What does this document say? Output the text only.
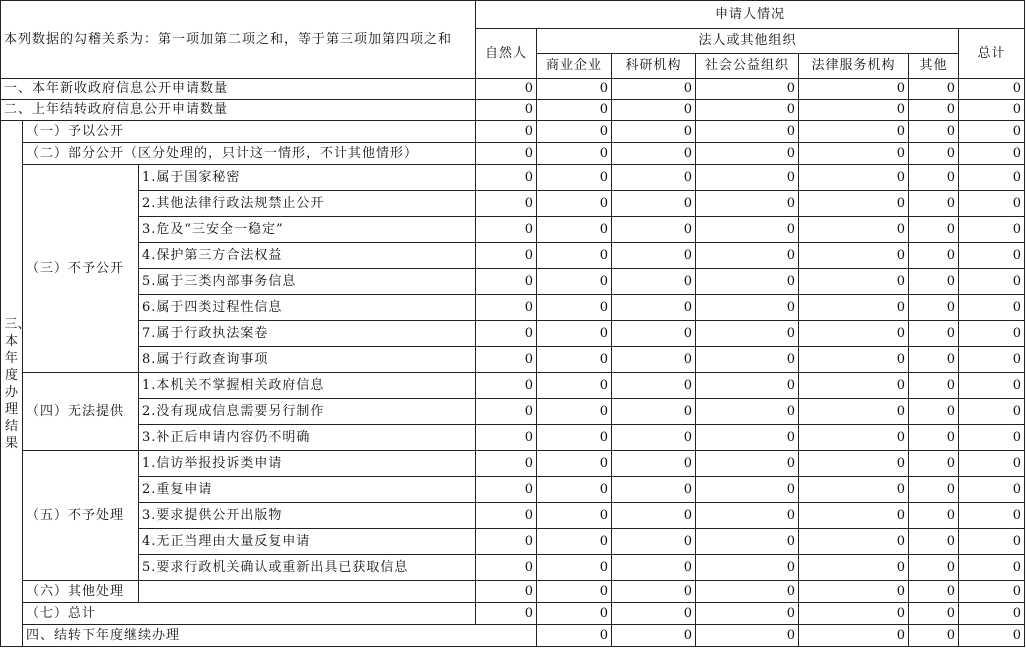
本列数据的勾稽关系为：第一项加第二项之和，等于第三项加第四项之和			申请人情况							
			自然人	法人或其他组织					总计	
				商业企业	科研机构	社会公益组织	法律服务机构	其他		
一、本年新收政府信息公开申请数量			0	0	0	0	0	0	0	
二、上年结转政府信息公开申请数量			0	0	0	0	0	0	0	
三、本年度办理结果	（一）予以公开		0	0	0	0	0	0	0	
	（二）部分公开（区分处理的，只计这一情形，不计其他情形）		0	0	0	0	0	0	0	
	（三）不予公开	1.属于国家秘密	0	0	0	0	0	0	0	
		2.其他法律行政法规禁止公开	0	0	0	0	0	0	0	
		3.危及“三安全一稳定”	0	0	0	0	0	0	0	
		4.保护第三方合法权益	0	0	0	0	0	0	0	
		5.属于三类内部事务信息	0	0	0	0	0	0	0	
		6.属于四类过程性信息	0	0	0	0	0	0	0	
		7.属于行政执法案卷	0	0	0	0	0	0	0	
		8.属于行政查询事项	0	0	0	0	0	0	0	
	（四）无法提供	1.本机关不掌握相关政府信息	0	0	0	0	0	0	0	
		2.没有现成信息需要另行制作	0	0	0	0	0	0	0	
		3.补正后申请内容仍不明确	0	0	0	0	0	0	0	
	（五）不予处理	1.信访举报投诉类申请	0	0	0	0	0	0	0	
		2.重复申请	0	0	0	0	0	0	0	
		3.要求提供公开出版物	0	0	0	0	0	0	0	
		4.无正当理由大量反复申请	0	0	0	0	0	0	0	
		5.要求行政机关确认或重新出具已获取信息	0	0	0	0	0	0	0	
	（六）其他处理		0	0	0	0	0	0	0	
	（七）总计		0	0	0	0	0	0	0	
	四、结转下年度继续办理			0	0	0	0	0	0	
